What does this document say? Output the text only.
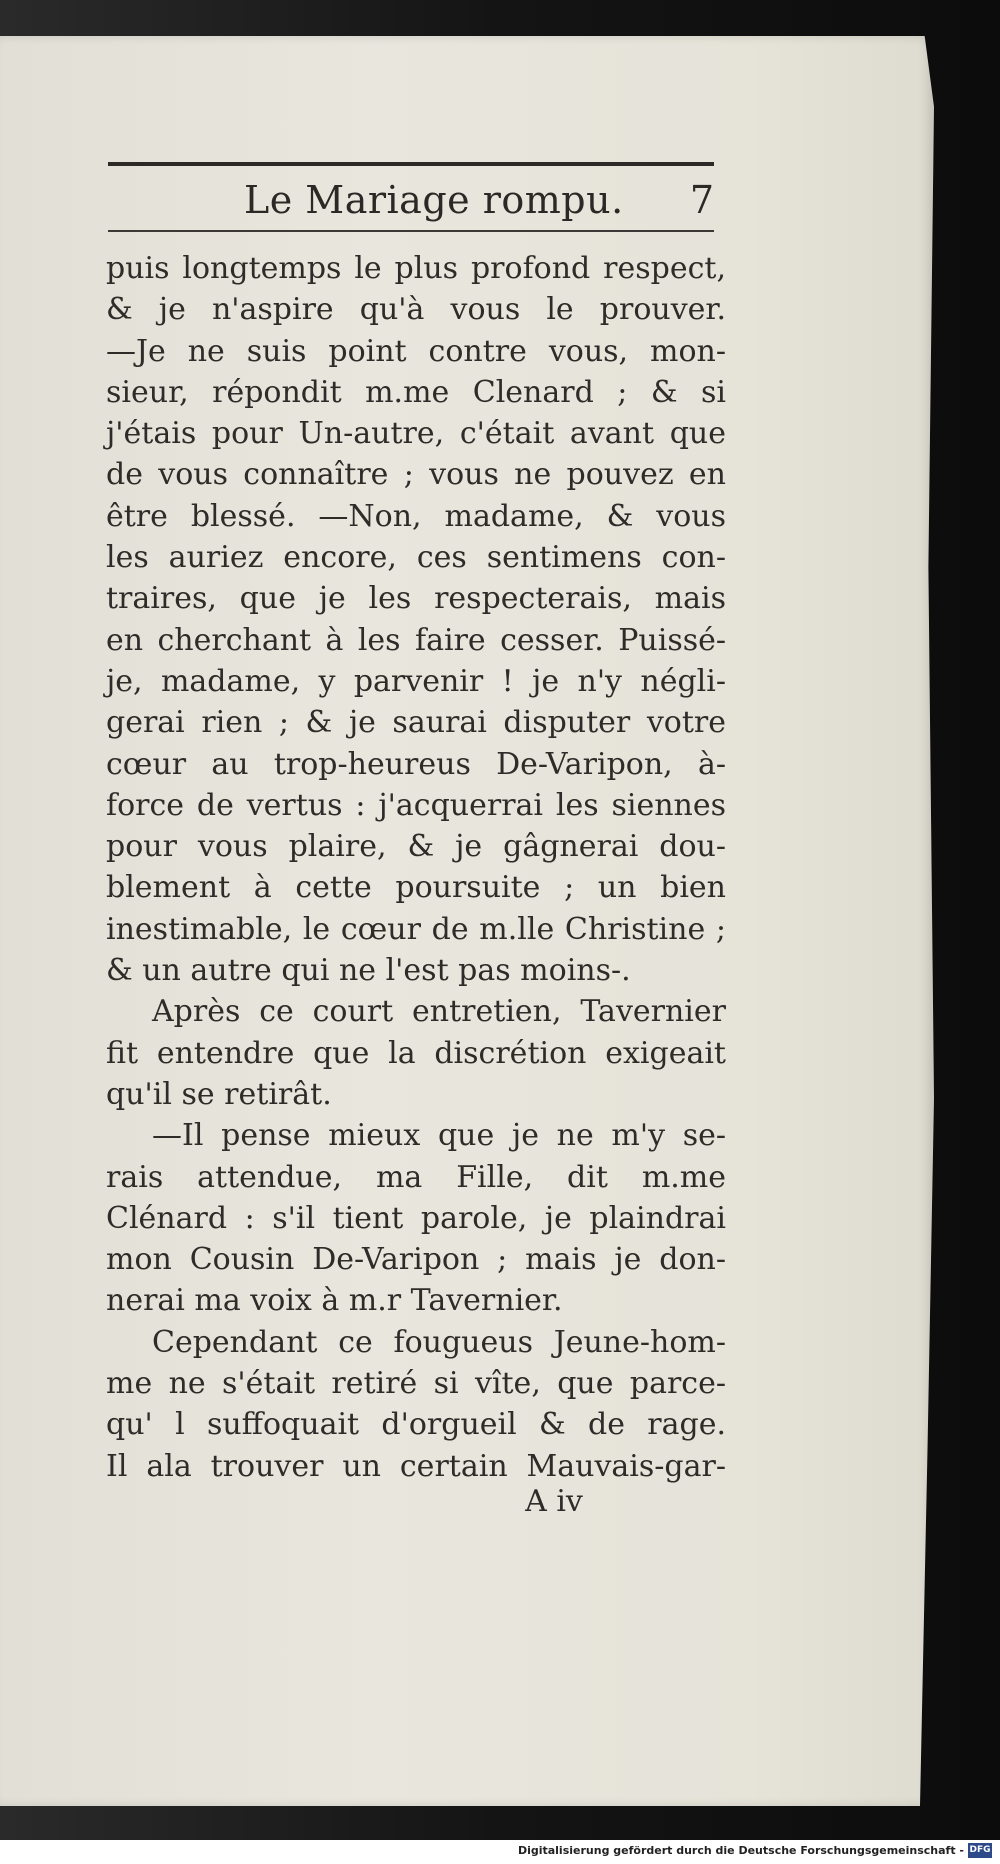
Le Mariage rompu. 7
puis longtemps le plus profond respect,
& je n'aspire qu'à vous le prouver.
—Je ne suis point contre vous, mon-
sieur, répondit m.me Clenard ; & si
j'étais pour Un-autre, c'était avant que
de vous connaître ; vous ne pouvez en
être blessé. —Non, madame, & vous
les auriez encore, ces sentimens con-
traires, que je les respecterais, mais
en cherchant à les faire cesser. Puissé-
je, madame, y parvenir ! je n'y négli-
gerai rien ; & je saurai disputer votre
cœur au trop-heureus De-Varipon, à-
force de vertus : j'acquerrai les siennes
pour vous plaire, & je gâgnerai dou-
blement à cette poursuite ; un bien
inestimable, le cœur de m.lle Christine ;
& un autre qui ne l'est pas moins-.
Après ce court entretien, Tavernier
fit entendre que la discrétion exigeait
qu'il se retirât.
—Il pense mieux que je ne m'y se-
rais attendue, ma Fille, dit m.me
Clénard : s'il tient parole, je plaindrai
mon Cousin De-Varipon ; mais je don-
nerai ma voix à m.r Tavernier.
Cependant ce fougueus Jeune-hom-
me ne s'était retiré si vîte, que parce-
qu' l suffoquait d'orgueil & de rage.
Il ala trouver un certain Mauvais-gar-
A iv
Digitalisierung gefördert durch die Deutsche Forschungsgemeinschaft - DFG
